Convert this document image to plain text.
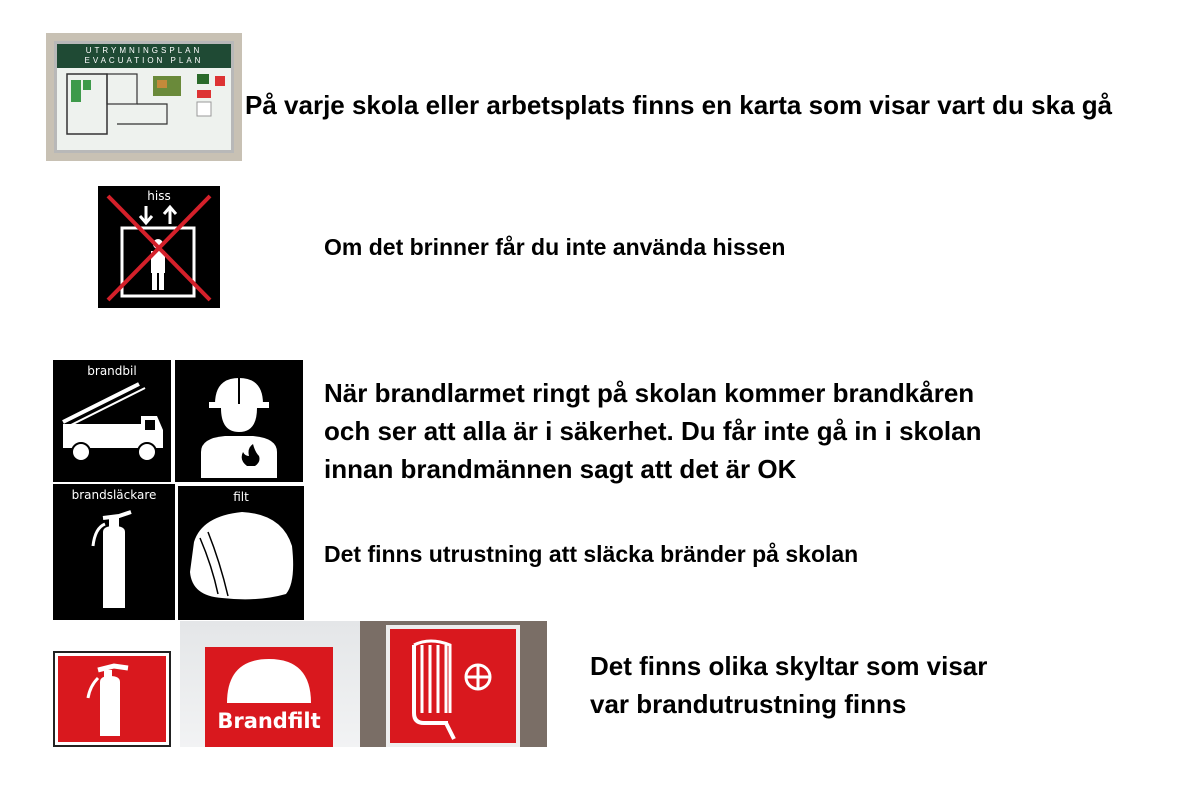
UTRYMNINGSPLAN
EVACUATION PLAN
På varje skola eller arbetsplats finns en karta som visar vart du ska gå
hiss
Om det brinner får du inte använda hissen
brandbil
brandsläckare	filt
När brandlarmet ringt på skolan kommer brandkåren
och ser att alla är i säkerhet. Du får inte gå in i skolan
innan brandmännen sagt att det är OK
Det finns utrustning att släcka bränder på skolan
Brandfilt
Det finns olika skyltar som visar
var brandutrustning finns
